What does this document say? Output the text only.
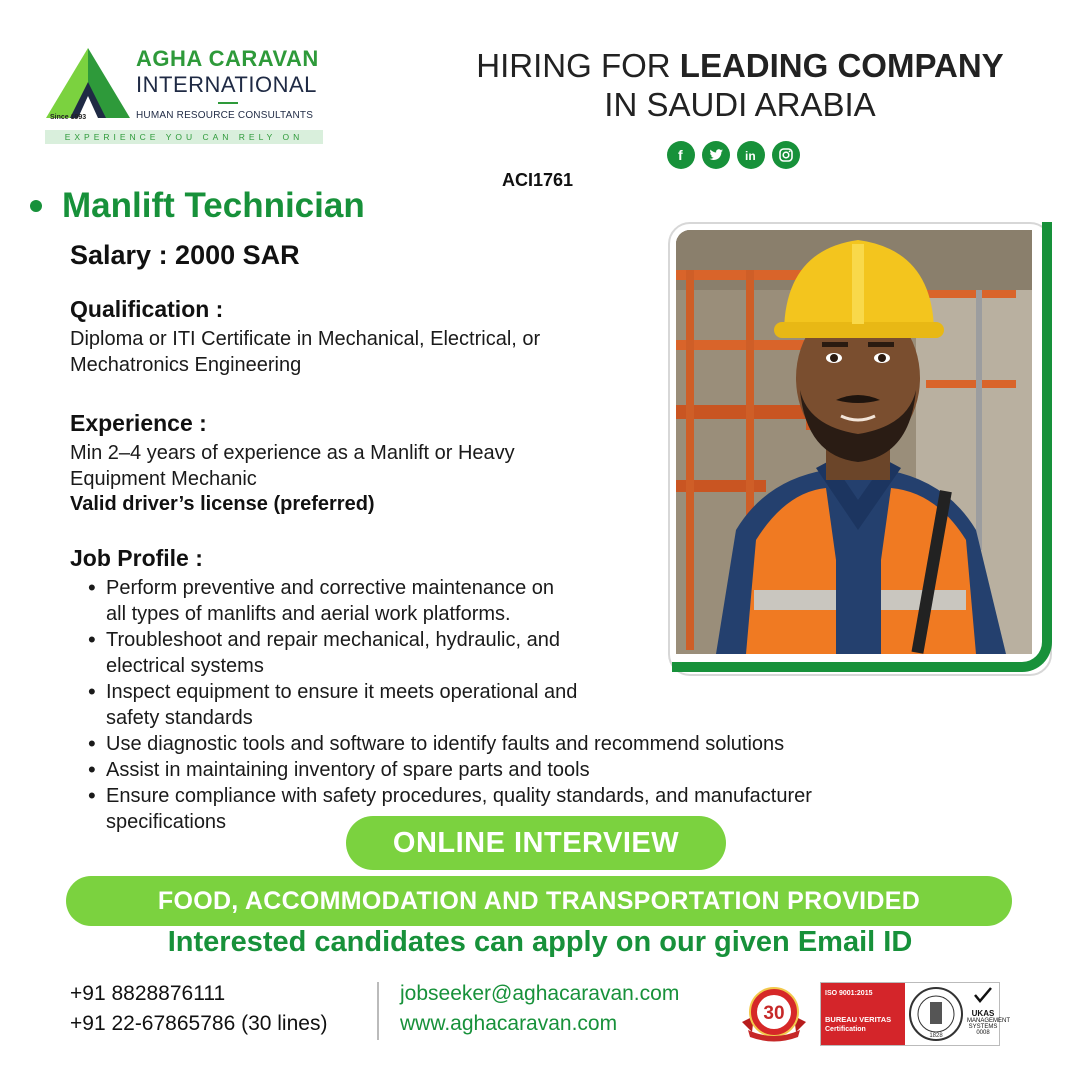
Since 1993
AGHA CARAVAN
INTERNATIONAL
HUMAN RESOURCE CONSULTANTS
EXPERIENCE YOU CAN RELY ON
HIRING FOR LEADING COMPANY
IN SAUDI ARABIA
f	in
ACI1761
Manlift Technician
Salary : 2000 SAR
Qualification :
Diploma or ITI Certificate in Mechanical, Electrical, or
Mechatronics Engineering
Experience :
Min 2–4 years of experience as a Manlift or Heavy
Equipment Mechanic
Valid driver’s license (preferred)
Job Profile :
• Perform preventive and corrective maintenance on
all types of manlifts and aerial work platforms.
• Troubleshoot and repair mechanical, hydraulic, and
electrical systems
• Inspect equipment to ensure it meets operational and
safety standards
• Use diagnostic tools and software to identify faults and recommend solutions
• Assist in maintaining inventory of spare parts and tools
• Ensure compliance with safety procedures, quality standards, and manufacturer
specifications
ONLINE INTERVIEW
FOOD, ACCOMMODATION AND TRANSPORTATION PROVIDED
Interested candidates can apply on our given Email ID
+91 8828876111
+91 22-67865786 (30 lines)
jobseeker@aghacaravan.com
www.aghacaravan.com	30
ISO 9001:2015
BUREAU VERITAS
Certification
1828
UKAS
MANAGEMENT SYSTEMS
0008
